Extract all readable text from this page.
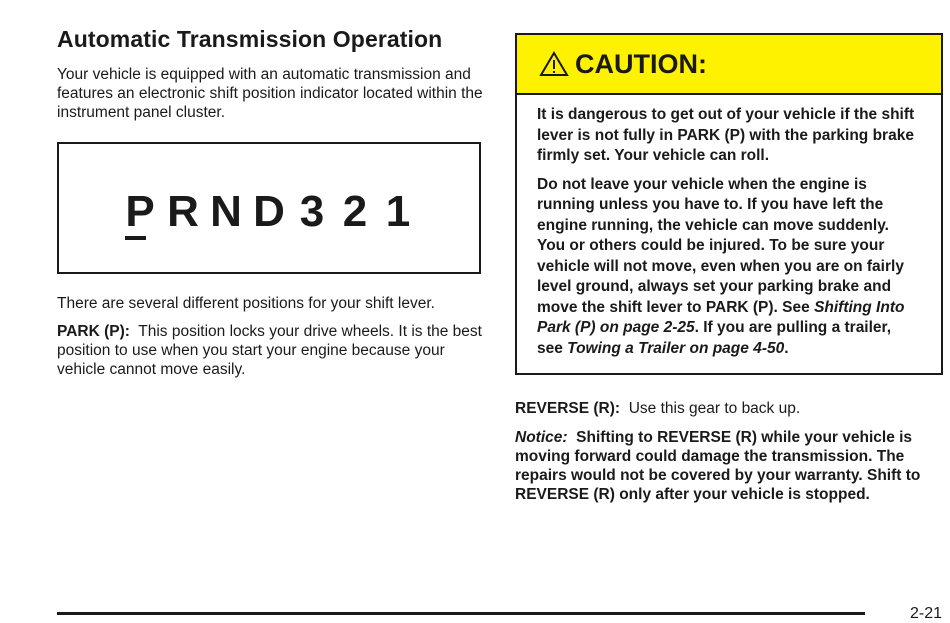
Automatic Transmission Operation

Your vehicle is equipped with an automatic transmission and features an electronic shift position indicator located within the instrument panel cluster.

P R N D 3 2 1

There are several different positions for your shift lever.

PARK (P): This position locks your drive wheels. It is the best position to use when you start your engine because your vehicle cannot move easily.

CAUTION:

It is dangerous to get out of your vehicle if the shift lever is not fully in PARK (P) with the parking brake firmly set. Your vehicle can roll.

Do not leave your vehicle when the engine is running unless you have to. If you have left the engine running, the vehicle can move suddenly. You or others could be injured. To be sure your vehicle will not move, even when you are on fairly level ground, always set your parking brake and move the shift lever to PARK (P). See Shifting Into Park (P) on page 2-25. If you are pulling a trailer, see Towing a Trailer on page 4-50.

REVERSE (R): Use this gear to back up.

Notice: Shifting to REVERSE (R) while your vehicle is moving forward could damage the transmission. The repairs would not be covered by your warranty. Shift to REVERSE (R) only after your vehicle is stopped.

2-21
